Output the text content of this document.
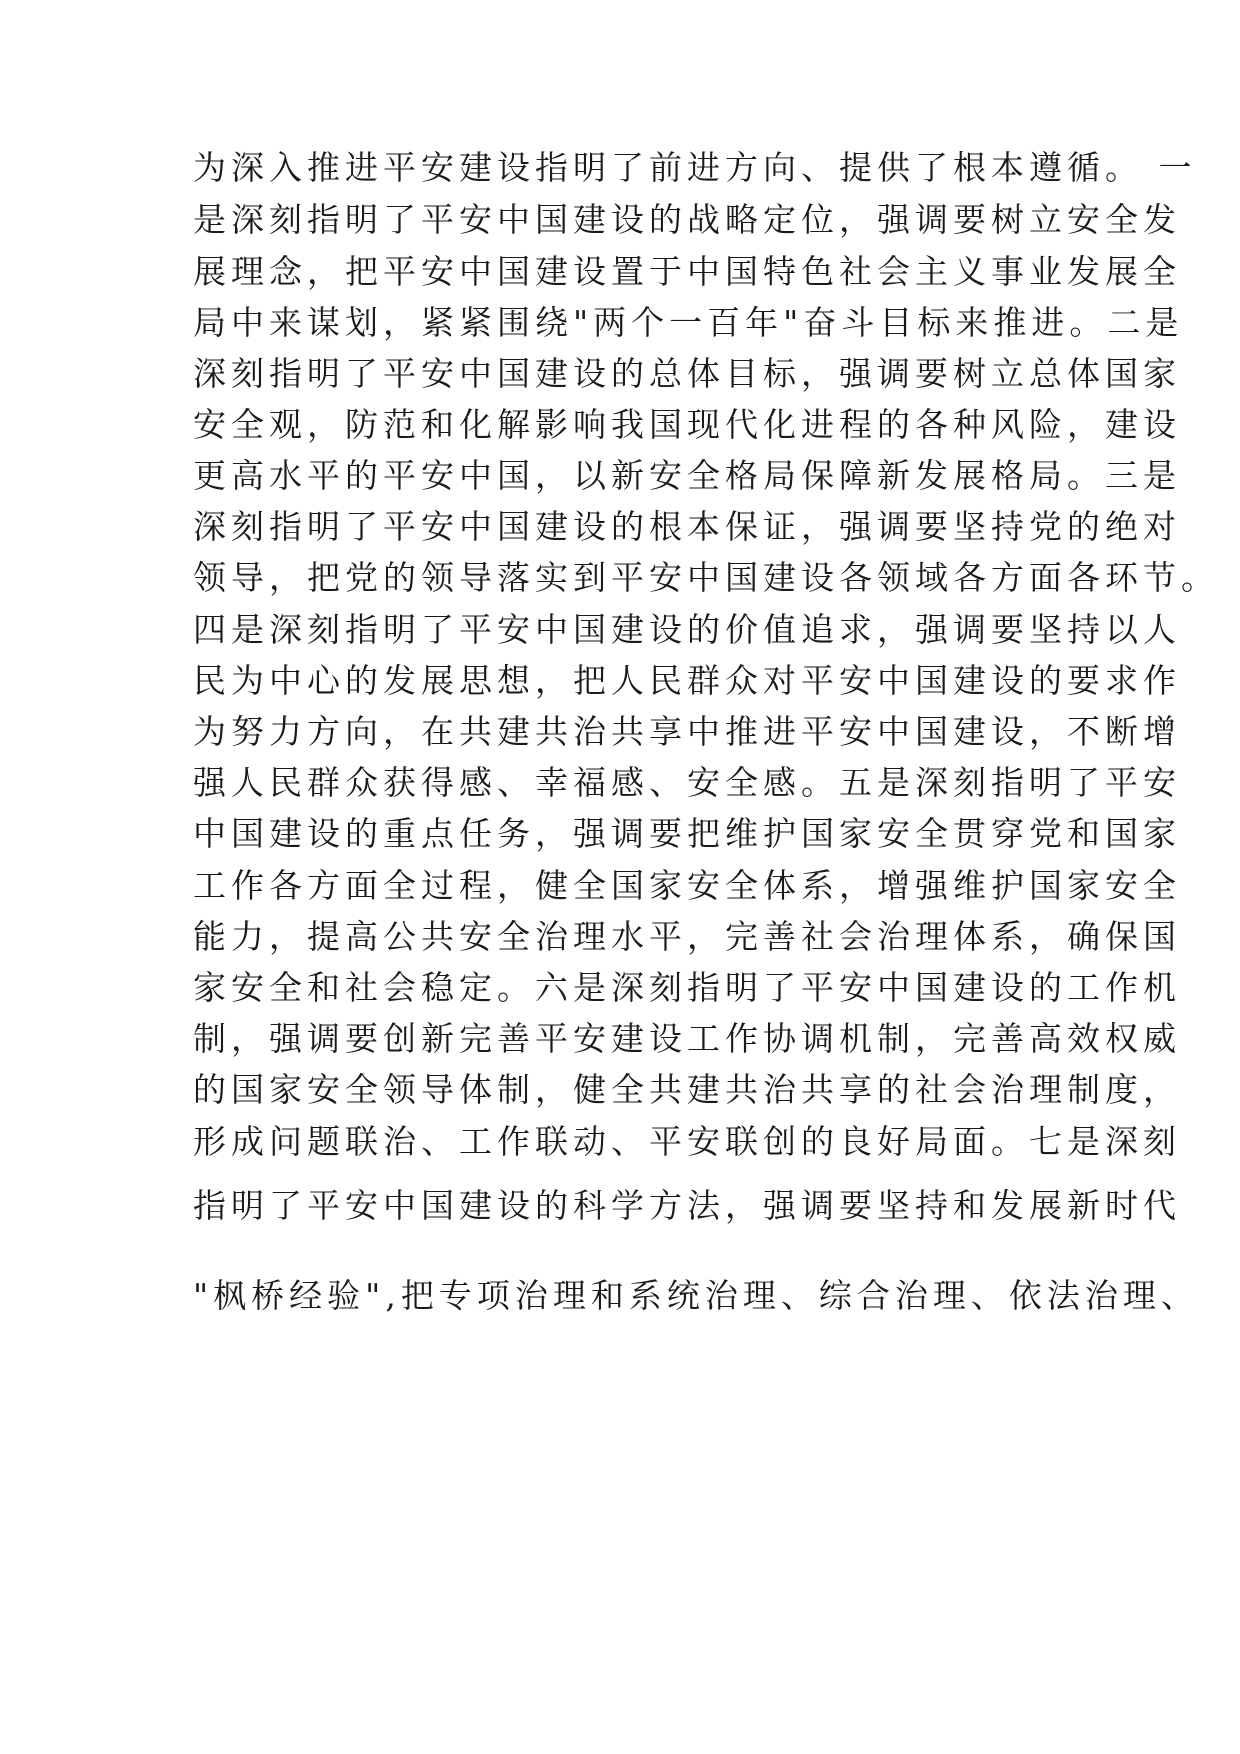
为深入推进平安建设指明了前进方向、提供了根本遵循。 一

是深刻指明了平安中国建设的战略定位，强调要树立安全发

展理念，把平安中国建设置于中国特色社会主义事业发展全

局中来谋划，紧紧围绕"两个一百年"奋斗目标来推进。二是

深刻指明了平安中国建设的总体目标，强调要树立总体国家

安全观，防范和化解影响我国现代化进程的各种风险，建设

更高水平的平安中国，以新安全格局保障新发展格局。三是

深刻指明了平安中国建设的根本保证，强调要坚持党的绝对

领导，把党的领导落实到平安中国建设各领域各方面各环节。

四是深刻指明了平安中国建设的价值追求，强调要坚持以人

民为中心的发展思想，把人民群众对平安中国建设的要求作

为努力方向，在共建共治共享中推进平安中国建设，不断增

强人民群众获得感、幸福感、安全感。五是深刻指明了平安

中国建设的重点任务，强调要把维护国家安全贯穿党和国家

工作各方面全过程，健全国家安全体系，增强维护国家安全

能力，提高公共安全治理水平，完善社会治理体系，确保国

家安全和社会稳定。六是深刻指明了平安中国建设的工作机

制，强调要创新完善平安建设工作协调机制，完善高效权威

的国家安全领导体制，健全共建共治共享的社会治理制度，

形成问题联治、工作联动、平安联创的良好局面。七是深刻

指明了平安中国建设的科学方法，强调要坚持和发展新时代

"枫桥经验",把专项治理和系统治理、综合治理、依法治理、
